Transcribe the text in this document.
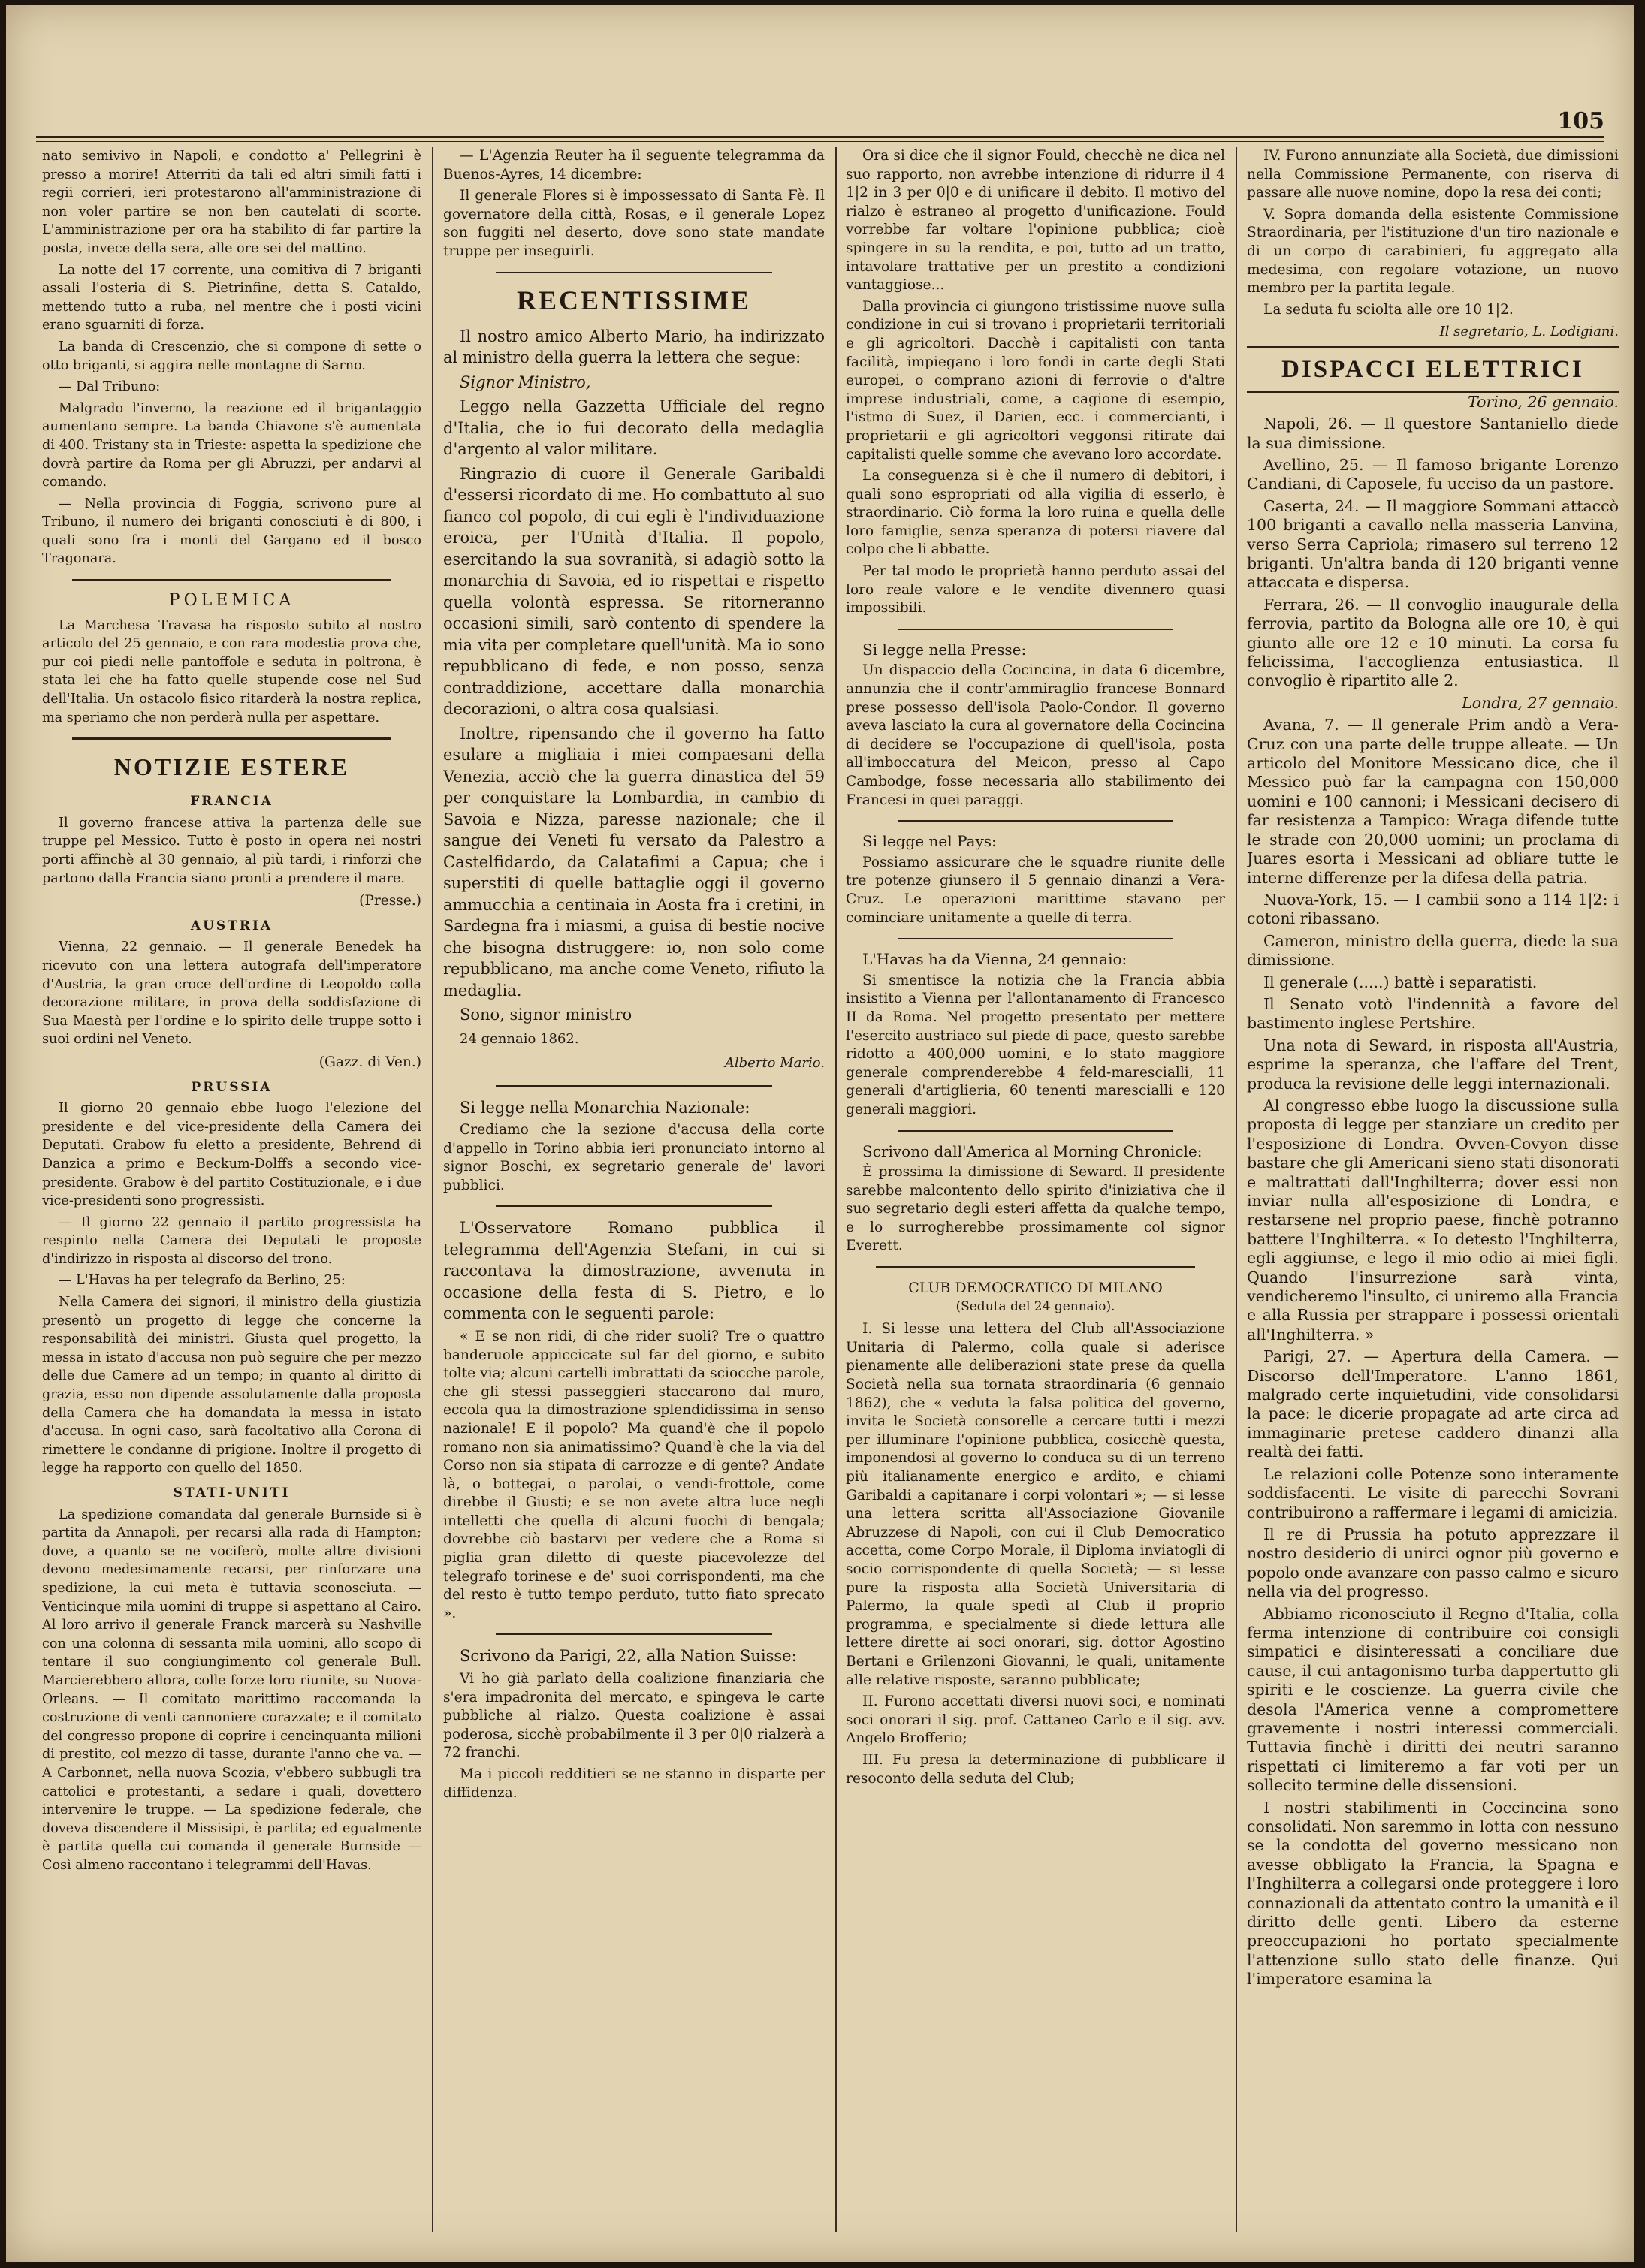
105

nato semivivo in Napoli, e condotto a' Pellegrini è presso a morire! Atterriti da tali ed altri simili fatti i regii corrieri, ieri protestarono all'amministrazione di non voler partire se non ben cautelati di scorte. L'amministrazione per ora ha stabilito di far partire la posta, invece della sera, alle ore sei del mattino.

La notte del 17 corrente, una comitiva di 7 briganti assali l'osteria di S. Pietrinfine, detta S. Cataldo, mettendo tutto a ruba, nel mentre che i posti vicini erano sguarniti di forza.

La banda di Crescenzio, che si compone di sette o otto briganti, si aggira nelle montagne di Sarno.

— Dal Tribuno:

Malgrado l'inverno, la reazione ed il brigantaggio aumentano sempre. La banda Chiavone s'è aumentata di 400. Tristany sta in Trieste: aspetta la spedizione che dovrà partire da Roma per gli Abruzzi, per andarvi al comando.

— Nella provincia di Foggia, scrivono pure al Tribuno, il numero dei briganti conosciuti è di 800, i quali sono fra i monti del Gargano ed il bosco Tragonara.

POLEMICA

La Marchesa Travasa ha risposto subito al nostro articolo del 25 gennaio, e con rara modestia prova che, pur coi piedi nelle pantoffole e seduta in poltrona, è stata lei che ha fatto quelle stupende cose nel Sud dell'Italia. Un ostacolo fisico ritarderà la nostra replica, ma speriamo che non perderà nulla per aspettare.

NOTIZIE ESTERE
FRANCIA

Il governo francese attiva la partenza delle sue truppe pel Messico. Tutto è posto in opera nei nostri porti affinchè al 30 gennaio, al più tardi, i rinforzi che partono dalla Francia siano pronti a prendere il mare.

(Presse.)
AUSTRIA

Vienna, 22 gennaio. — Il generale Benedek ha ricevuto con una lettera autografa dell'imperatore d'Austria, la gran croce dell'ordine di Leopoldo colla decorazione militare, in prova della soddisfazione di Sua Maestà per l'ordine e lo spirito delle truppe sotto i suoi ordini nel Veneto.

(Gazz. di Ven.)
PRUSSIA

Il giorno 20 gennaio ebbe luogo l'elezione del presidente e del vice-presidente della Camera dei Deputati. Grabow fu eletto a presidente, Behrend di Danzica a primo e Beckum-Dolffs a secondo vice-presidente. Grabow è del partito Costituzionale, e i due vice-presidenti sono progressisti.

— Il giorno 22 gennaio il partito progressista ha respinto nella Camera dei Deputati le proposte d'indirizzo in risposta al discorso del trono.

— L'Havas ha per telegrafo da Berlino, 25:

Nella Camera dei signori, il ministro della giustizia presentò un progetto di legge che concerne la responsabilità dei ministri. Giusta quel progetto, la messa in istato d'accusa non può seguire che per mezzo delle due Camere ad un tempo; in quanto al diritto di grazia, esso non dipende assolutamente dalla proposta della Camera che ha domandata la messa in istato d'accusa. In ogni caso, sarà facoltativo alla Corona di rimettere le condanne di prigione. Inoltre il progetto di legge ha rapporto con quello del 1850.

STATI-UNITI

La spedizione comandata dal generale Burnside si è partita da Annapoli, per recarsi alla rada di Hampton; dove, a quanto se ne vociferò, molte altre divisioni devono medesimamente recarsi, per rinforzare una spedizione, la cui meta è tuttavia sconosciuta. — Venticinque mila uomini di truppe si aspettano al Cairo. Al loro arrivo il generale Franck marcerà su Nashville con una colonna di sessanta mila uomini, allo scopo di tentare il suo congiungimento col generale Bull. Marcierebbero allora, colle forze loro riunite, su Nuova-Orleans. — Il comitato marittimo raccomanda la costruzione di venti cannoniere corazzate; e il comitato del congresso propone di coprire i cencinquanta milioni di prestito, col mezzo di tasse, durante l'anno che va. — A Carbonnet, nella nuova Scozia, v'ebbero subbugli tra cattolici e protestanti, a sedare i quali, dovettero intervenire le truppe. — La spedizione federale, che doveva discendere il Missisipi, è partita; ed egualmente è partita quella cui comanda il generale Burnside — Così almeno raccontano i telegrammi dell'Havas.

— L'Agenzia Reuter ha il seguente telegramma da Buenos-Ayres, 14 dicembre:

Il generale Flores si è impossessato di Santa Fè. Il governatore della città, Rosas, e il generale Lopez son fuggiti nel deserto, dove sono state mandate truppe per inseguirli.

RECENTISSIME

Il nostro amico Alberto Mario, ha indirizzato al ministro della guerra la lettera che segue:

Signor Ministro,

Leggo nella Gazzetta Ufficiale del regno d'Italia, che io fui decorato della medaglia d'argento al valor militare.

Ringrazio di cuore il Generale Garibaldi d'essersi ricordato di me. Ho combattuto al suo fianco col popolo, di cui egli è l'individuazione eroica, per l'Unità d'Italia. Il popolo, esercitando la sua sovranità, si adagiò sotto la monarchia di Savoia, ed io rispettai e rispetto quella volontà espressa. Se ritorneranno occasioni simili, sarò contento di spendere la mia vita per completare quell'unità. Ma io sono repubblicano di fede, e non posso, senza contraddizione, accettare dalla monarchia decorazioni, o altra cosa qualsiasi.

Inoltre, ripensando che il governo ha fatto esulare a migliaia i miei compaesani della Venezia, acciò che la guerra dinastica del 59 per conquistare la Lombardia, in cambio di Savoia e Nizza, paresse nazionale; che il sangue dei Veneti fu versato da Palestro a Castelfidardo, da Calatafimi a Capua; che i superstiti di quelle battaglie oggi il governo ammucchia a centinaia in Aosta fra i cretini, in Sardegna fra i miasmi, a guisa di bestie nocive che bisogna distruggere: io, non solo come repubblicano, ma anche come Veneto, rifiuto la medaglia.

Sono, signor ministro

24 gennaio 1862.

Alberto Mario.

Si legge nella Monarchia Nazionale:

Crediamo che la sezione d'accusa della corte d'appello in Torino abbia ieri pronunciato intorno al signor Boschi, ex segretario generale de' lavori pubblici.

L'Osservatore Romano pubblica il telegramma dell'Agenzia Stefani, in cui si raccontava la dimostrazione, avvenuta in occasione della festa di S. Pietro, e lo commenta con le seguenti parole:

« E se non ridi, di che rider suoli? Tre o quattro banderuole appiccicate sul far del giorno, e subito tolte via; alcuni cartelli imbrattati da sciocche parole, che gli stessi passeggieri staccarono dal muro, eccola qua la dimostrazione splendidissima in senso nazionale! E il popolo? Ma quand'è che il popolo romano non sia animatissimo? Quand'è che la via del Corso non sia stipata di carrozze e di gente? Andate là, o bottegai, o parolai, o vendi-frottole, come direbbe il Giusti; e se non avete altra luce negli intelletti che quella di alcuni fuochi di bengala; dovrebbe ciò bastarvi per vedere che a Roma si piglia gran diletto di queste piacevolezze del telegrafo torinese e de' suoi corrispondenti, ma che del resto è tutto tempo perduto, tutto fiato sprecato ».

Scrivono da Parigi, 22, alla Nation Suisse:

Vi ho già parlato della coalizione finanziaria che s'era impadronita del mercato, e spingeva le carte pubbliche al rialzo. Questa coalizione è assai poderosa, sicchè probabilmente il 3 per 0|0 rialzerà a 72 franchi.

Ma i piccoli redditieri se ne stanno in disparte per diffidenza.

Ora si dice che il signor Fould, checchè ne dica nel suo rapporto, non avrebbe intenzione di ridurre il 4 1|2 in 3 per 0|0 e di unificare il debito. Il motivo del rialzo è estraneo al progetto d'unificazione. Fould vorrebbe far voltare l'opinione pubblica; cioè spingere in su la rendita, e poi, tutto ad un tratto, intavolare trattative per un prestito a condizioni vantaggiose...

Dalla provincia ci giungono tristissime nuove sulla condizione in cui si trovano i proprietarii territoriali e gli agricoltori. Dacchè i capitalisti con tanta facilità, impiegano i loro fondi in carte degli Stati europei, o comprano azioni di ferrovie o d'altre imprese industriali, come, a cagione di esempio, l'istmo di Suez, il Darien, ecc. i commercianti, i proprietarii e gli agricoltori veggonsi ritirate dai capitalisti quelle somme che avevano loro accordate.

La conseguenza si è che il numero di debitori, i quali sono espropriati od alla vigilia di esserlo, è straordinario. Ciò forma la loro ruina e quella delle loro famiglie, senza speranza di potersi riavere dal colpo che li abbatte.

Per tal modo le proprietà hanno perduto assai del loro reale valore e le vendite divennero quasi impossibili.

Si legge nella Presse:

Un dispaccio della Cocincina, in data 6 dicembre, annunzia che il contr'ammiraglio francese Bonnard prese possesso dell'isola Paolo-Condor. Il governo aveva lasciato la cura al governatore della Cocincina di decidere se l'occupazione di quell'isola, posta all'imboccatura del Meicon, presso al Capo Cambodge, fosse necessaria allo stabilimento dei Francesi in quei paraggi.

Si legge nel Pays:

Possiamo assicurare che le squadre riunite delle tre potenze giunsero il 5 gennaio dinanzi a Vera-Cruz. Le operazioni marittime stavano per cominciare unitamente a quelle di terra.

L'Havas ha da Vienna, 24 gennaio:

Si smentisce la notizia che la Francia abbia insistito a Vienna per l'allontanamento di Francesco II da Roma. Nel progetto presentato per mettere l'esercito austriaco sul piede di pace, questo sarebbe ridotto a 400,000 uomini, e lo stato maggiore generale comprenderebbe 4 feld-marescialli, 11 generali d'artiglieria, 60 tenenti marescialli e 120 generali maggiori.

Scrivono dall'America al Morning Chronicle:

È prossima la dimissione di Seward. Il presidente sarebbe malcontento dello spirito d'iniziativa che il suo segretario degli esteri affetta da qualche tempo, e lo surrogherebbe prossimamente col signor Everett.

CLUB DEMOCRATICO DI MILANO
(Seduta del 24 gennaio).

I. Si lesse una lettera del Club all'Associazione Unitaria di Palermo, colla quale si aderisce pienamente alle deliberazioni state prese da quella Società nella sua tornata straordinaria (6 gennaio 1862), che « veduta la falsa politica del governo, invita le Società consorelle a cercare tutti i mezzi per illuminare l'opinione pubblica, cosicchè questa, imponendosi al governo lo conduca su di un terreno più italianamente energico e ardito, e chiami Garibaldi a capitanare i corpi volontari »; — si lesse una lettera scritta all'Associazione Giovanile Abruzzese di Napoli, con cui il Club Democratico accetta, come Corpo Morale, il Diploma inviatogli di socio corrispondente di quella Società; — si lesse pure la risposta alla Società Universitaria di Palermo, la quale spedì al Club il proprio programma, e specialmente si diede lettura alle lettere dirette ai soci onorari, sig. dottor Agostino Bertani e Grilenzoni Giovanni, le quali, unitamente alle relative risposte, saranno pubblicate;

II. Furono accettati diversi nuovi soci, e nominati soci onorari il sig. prof. Cattaneo Carlo e il sig. avv. Angelo Brofferio;

III. Fu presa la determinazione di pubblicare il resoconto della seduta del Club;

IV. Furono annunziate alla Società, due dimissioni nella Commissione Permanente, con riserva di passare alle nuove nomine, dopo la resa dei conti;

V. Sopra domanda della esistente Commissione Straordinaria, per l'istituzione d'un tiro nazionale e di un corpo di carabinieri, fu aggregato alla medesima, con regolare votazione, un nuovo membro per la partita legale.

La seduta fu sciolta alle ore 10 1|2.

Il segretario, L. Lodigiani.
DISPACCI ELETTRICI
Torino, 26 gennaio.

Napoli, 26. — Il questore Santaniello diede la sua dimissione.

Avellino, 25. — Il famoso brigante Lorenzo Candiani, di Caposele, fu ucciso da un pastore.

Caserta, 24. — Il maggiore Sommani attaccò 100 briganti a cavallo nella masseria Lanvina, verso Serra Capriola; rimasero sul terreno 12 briganti. Un'altra banda di 120 briganti venne attaccata e dispersa.

Ferrara, 26. — Il convoglio inaugurale della ferrovia, partito da Bologna alle ore 10, è qui giunto alle ore 12 e 10 minuti. La corsa fu felicissima, l'accoglienza entusiastica. Il convoglio è ripartito alle 2.

Londra, 27 gennaio.

Avana, 7. — Il generale Prim andò a Vera-Cruz con una parte delle truppe alleate. — Un articolo del Monitore Messicano dice, che il Messico può far la campagna con 150,000 uomini e 100 cannoni; i Messicani decisero di far resistenza a Tampico: Wraga difende tutte le strade con 20,000 uomini; un proclama di Juares esorta i Messicani ad obliare tutte le interne differenze per la difesa della patria.

Nuova-York, 15. — I cambii sono a 114 1|2: i cotoni ribassano.

Cameron, ministro della guerra, diede la sua dimissione.

Il generale (.....) battè i separatisti.

Il Senato votò l'indennità a favore del bastimento inglese Pertshire.

Una nota di Seward, in risposta all'Austria, esprime la speranza, che l'affare del Trent, produca la revisione delle leggi internazionali.

Al congresso ebbe luogo la discussione sulla proposta di legge per stanziare un credito per l'esposizione di Londra. Ovven-Covyon disse bastare che gli Americani sieno stati disonorati e maltrattati dall'Inghilterra; dover essi non inviar nulla all'esposizione di Londra, e restarsene nel proprio paese, finchè potranno battere l'Inghilterra. « Io detesto l'Inghilterra, egli aggiunse, e lego il mio odio ai miei figli. Quando l'insurrezione sarà vinta, vendicheremo l'insulto, ci uniremo alla Francia e alla Russia per strappare i possessi orientali all'Inghilterra. »

Parigi, 27. — Apertura della Camera. — Discorso dell'Imperatore. L'anno 1861, malgrado certe inquietudini, vide consolidarsi la pace: le dicerie propagate ad arte circa ad immaginarie pretese caddero dinanzi alla realtà dei fatti.

Le relazioni colle Potenze sono interamente soddisfacenti. Le visite di parecchi Sovrani contribuirono a raffermare i legami di amicizia.

Il re di Prussia ha potuto apprezzare il nostro desiderio di unirci ognor più governo e popolo onde avanzare con passo calmo e sicuro nella via del progresso.

Abbiamo riconosciuto il Regno d'Italia, colla ferma intenzione di contribuire coi consigli simpatici e disinteressati a conciliare due cause, il cui antagonismo turba dappertutto gli spiriti e le coscienze. La guerra civile che desola l'America venne a compromettere gravemente i nostri interessi commerciali. Tuttavia finchè i diritti dei neutri saranno rispettati ci limiteremo a far voti per un sollecito termine delle dissensioni.

I nostri stabilimenti in Coccincina sono consolidati. Non saremmo in lotta con nessuno se la condotta del governo messicano non avesse obbligato la Francia, la Spagna e l'Inghilterra a collegarsi onde proteggere i loro connazionali da attentato contro la umanità e il diritto delle genti. Libero da esterne preoccupazioni ho portato specialmente l'attenzione sullo stato delle finanze. Qui l'imperatore esamina la
